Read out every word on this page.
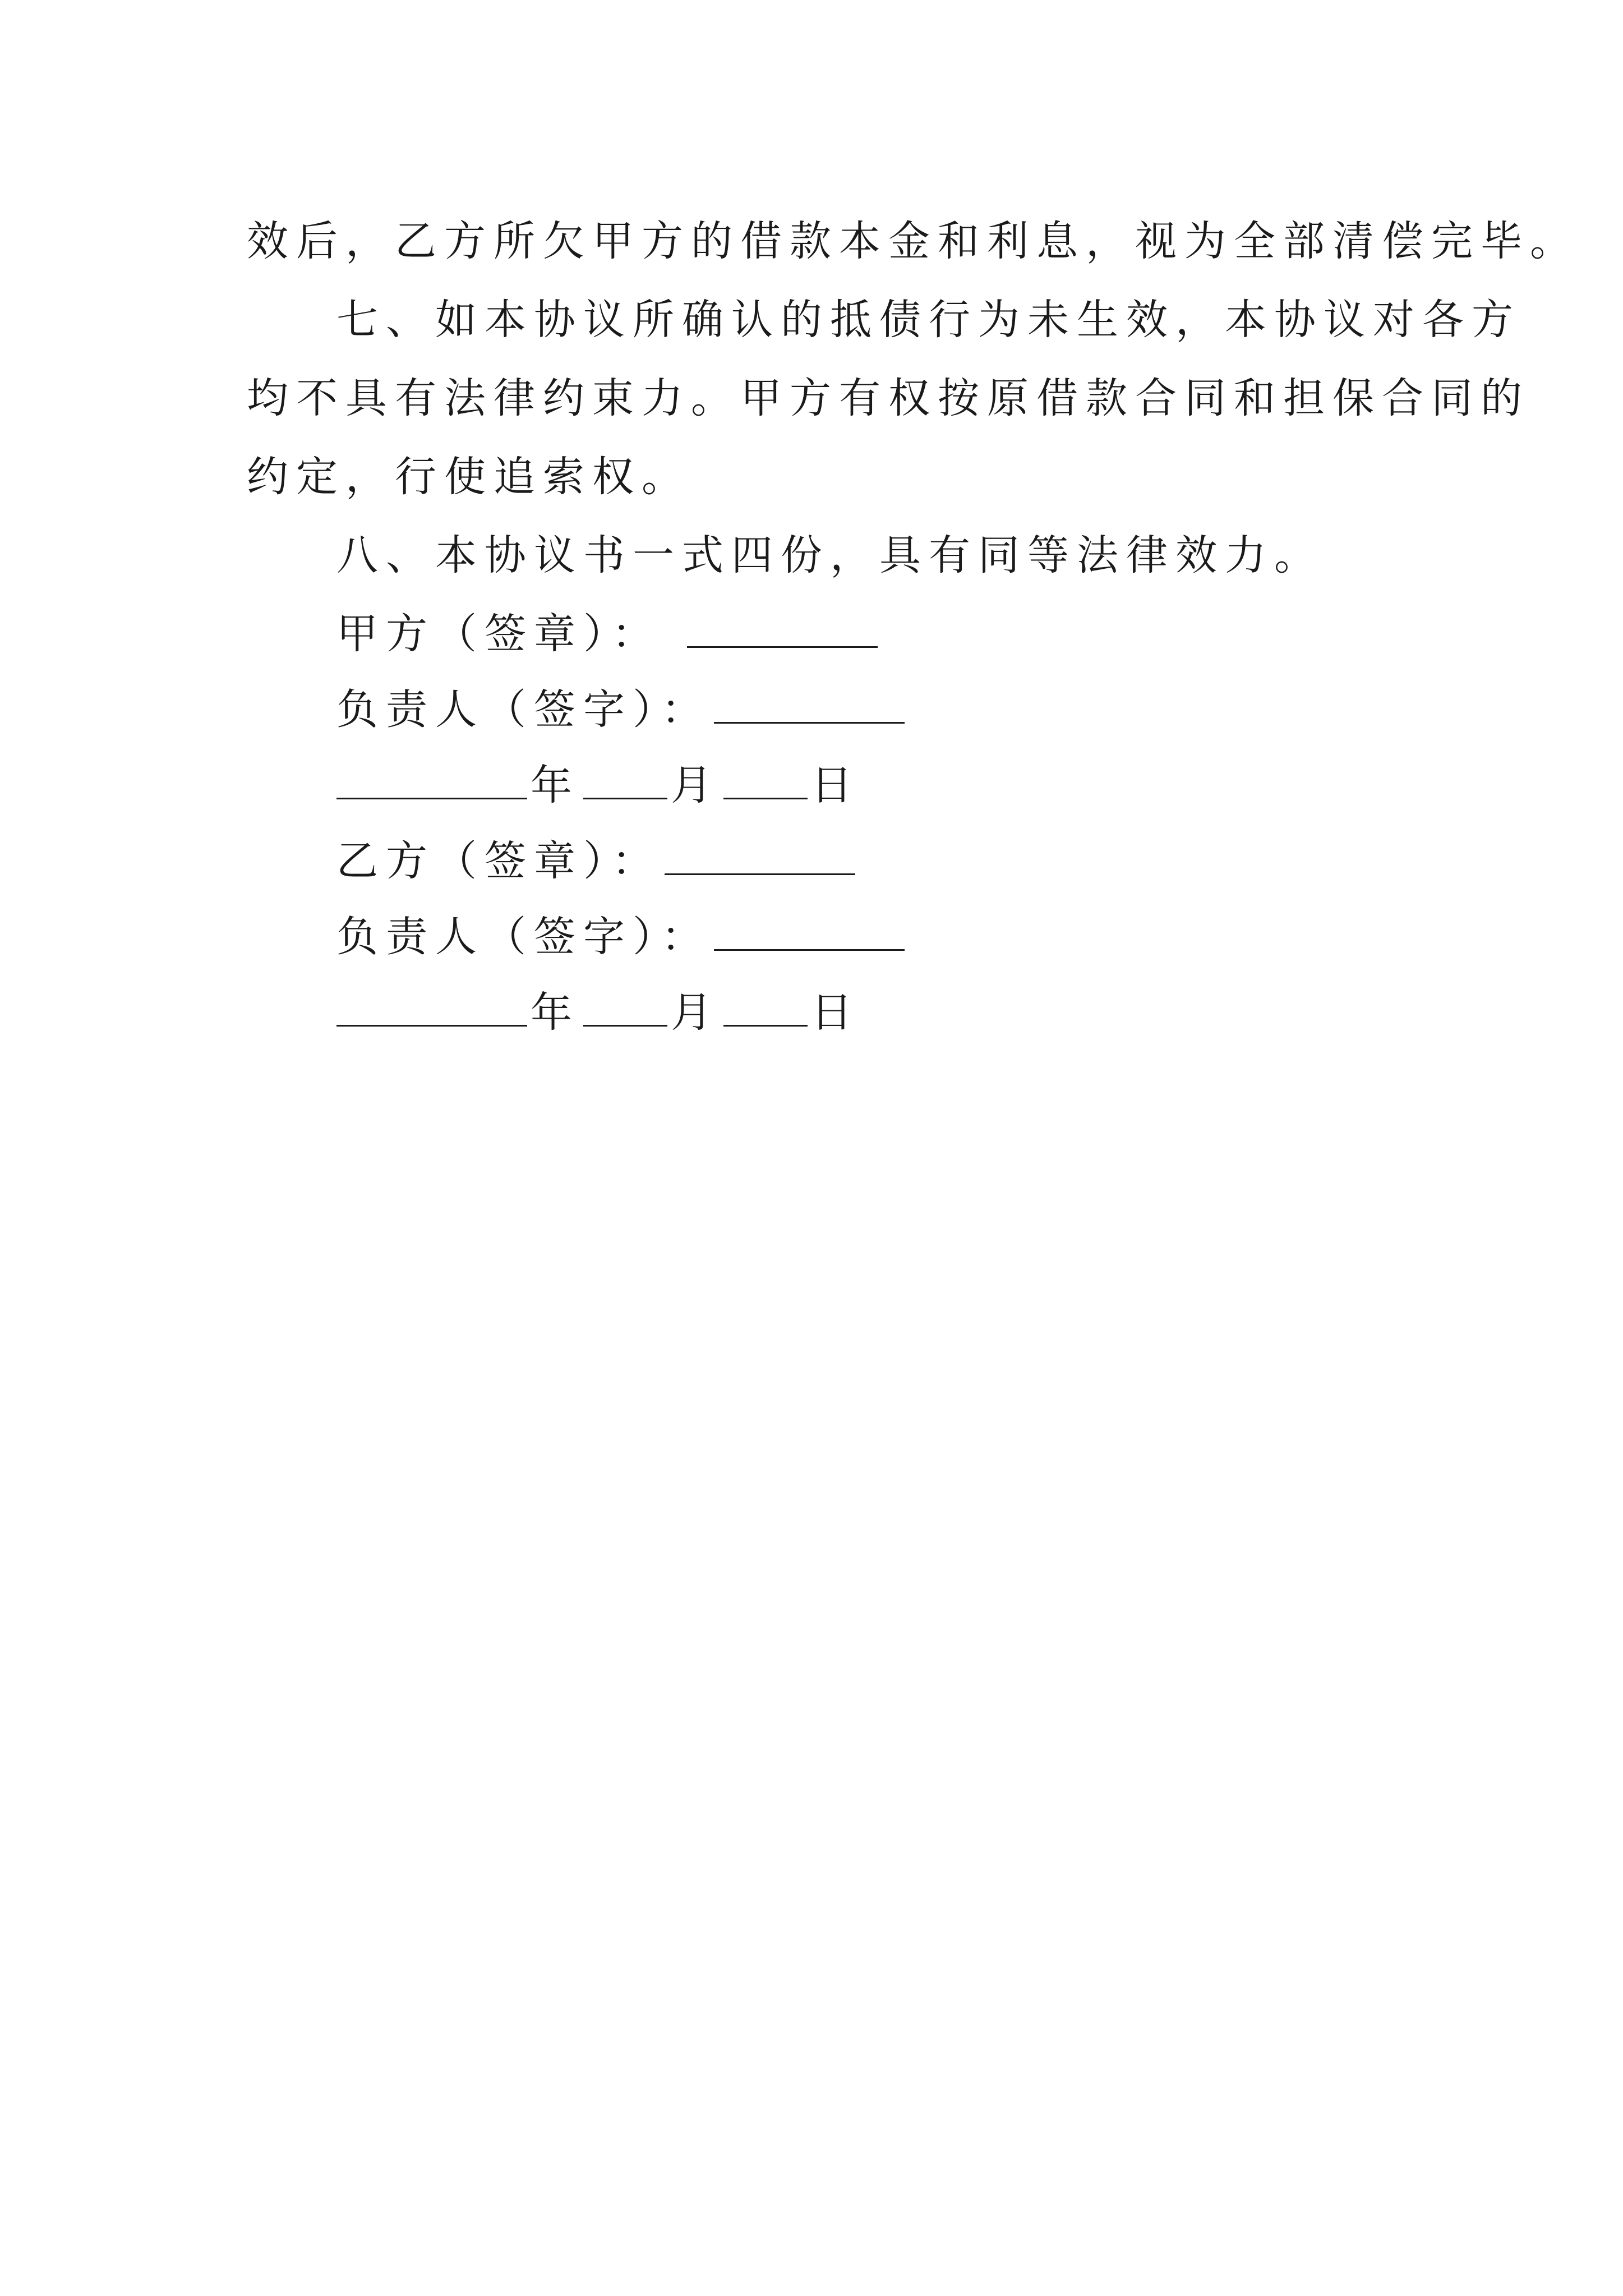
效后，乙方所欠甲方的借款本金和利息，视为全部清偿完毕。
七、如本协议所确认的抵债行为未生效，本协议对各方
均不具有法律约束力。甲方有权按原借款合同和担保合同的
约定，行使追索权。
八、本协议书一式四份，具有同等法律效力。
甲方（签章）：
负责人（签字）：
年 月 日
乙方（签章）：
负责人（签字）：
年 月 日
